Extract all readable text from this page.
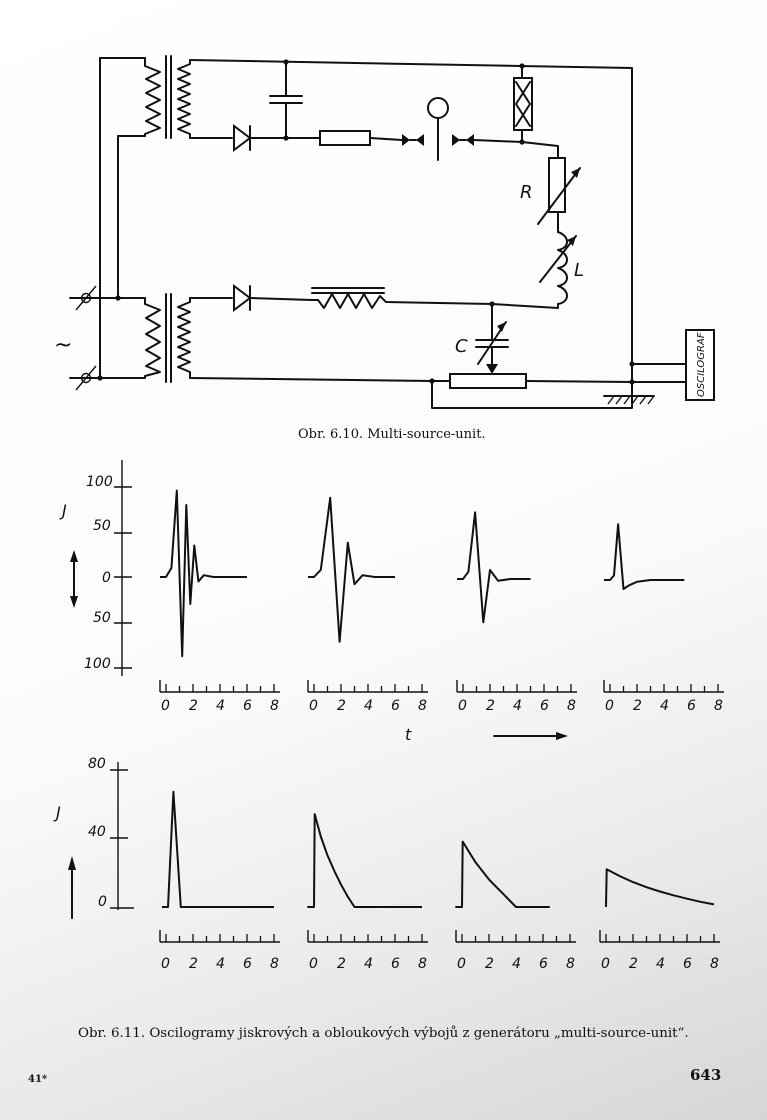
~
R
L
C	OSCILOGRAF
Obr. 6.10. Multi-source-unit.
100
50
0
50
100
J
80
40
0
J
t
0 2 4 6 8 0 2 4 6 8 0 2 4 6 8 0 2 4 6 8
0 2 4 6 8 0 2 4 6 8 0 2 4 6 8 0 2 4 6 8
Obr. 6.11. Oscilogramy jiskrových a obloukových výbojů z generátoru „multi-source-unit“.
41*	643
